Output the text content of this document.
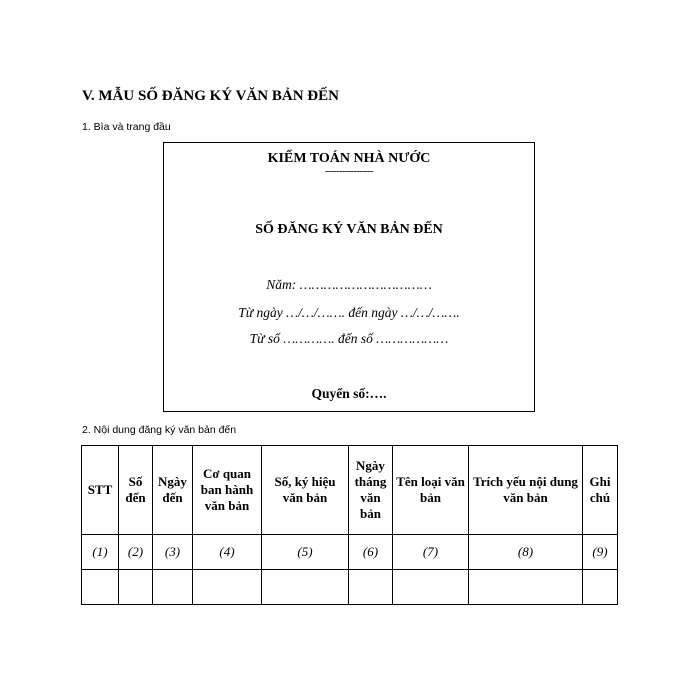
V. MẪU SỐ ĐĂNG KÝ VĂN BẢN ĐẾN
1. Bìa và trang đầu
KIỂM TOÁN NHÀ NƯỚC
-----------------
SỐ ĐĂNG KÝ VĂN BẢN ĐẾN
Năm: ……………………………
Từ ngày …/…/……. đến ngày …/…/…….
Từ số …………. đến số ………………
Quyển số:….
2. Nội dung đăng ký văn bản đến
STT	Số đến	Ngày đến	Cơ quan ban hành văn bản	Số, ký hiệu văn bản	Ngày tháng văn bản	Tên loại văn bản	Trích yếu nội dung văn bản	Ghi chú
(1)	(2)	(3)	(4)	(5)	(6)	(7)	(8)	(9)
